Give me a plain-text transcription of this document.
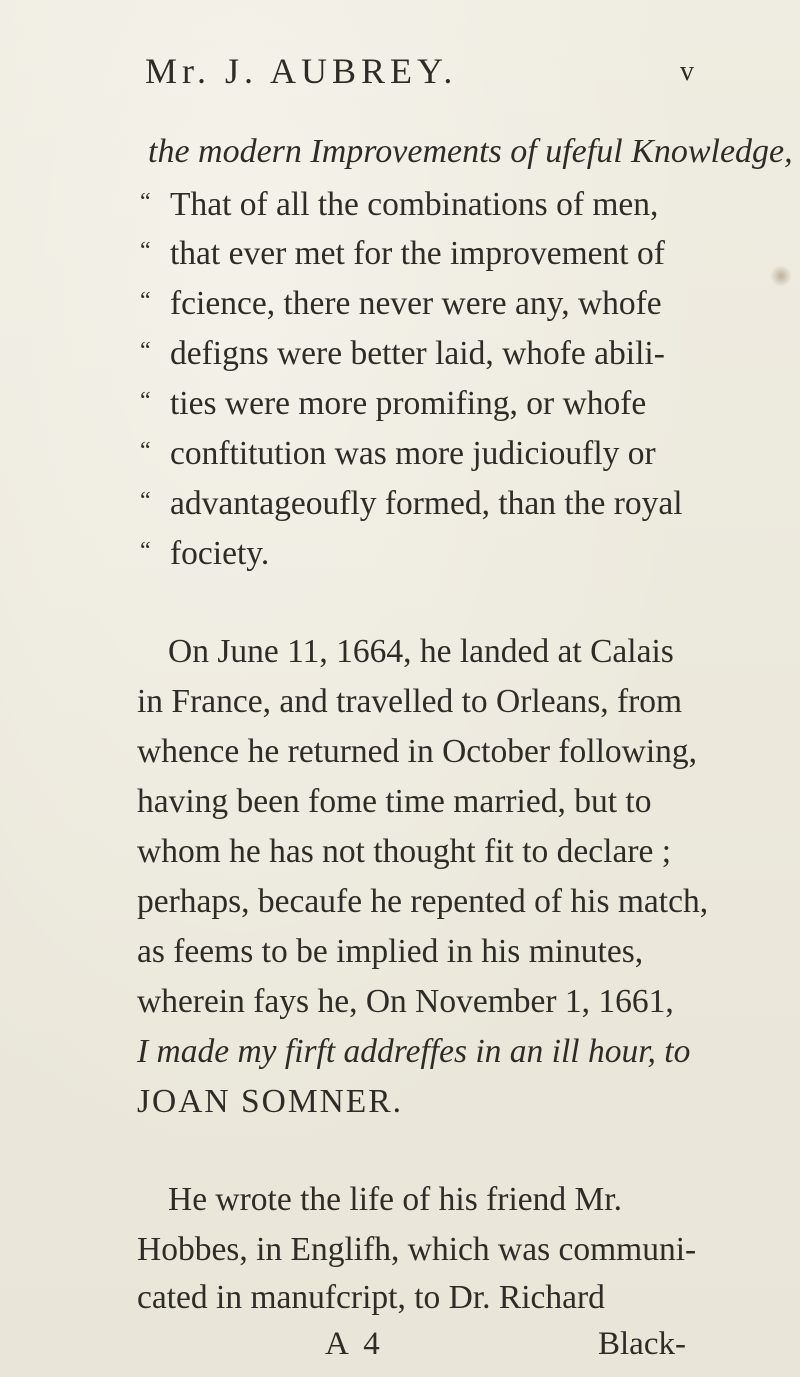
Mr. J. AUBREY.	v
the modern Improvements of ufeful Knowledge,
“ That of all the combinations of men,
“ that ever met for the improvement of
“ fcience, there never were any, whofe
“ defigns were better laid, whofe abili-
“ ties were more promifing, or whofe
“ conftitution was more judicioufly or
“ advantageoufly formed, than the royal
“ fociety.
On June 11, 1664, he landed at Calais
in France, and travelled to Orleans, from
whence he returned in October following,
having been fome time married, but to
whom he has not thought fit to declare ;
perhaps, becaufe he repented of his match,
as feems to be implied in his minutes,
wherein fays he, On November 1, 1661,
I made my firft addreffes in an ill hour, to
JOAN SOMNER.
He wrote the life of his friend Mr.
Hobbes, in Englifh, which was communi-
cated in manufcript, to Dr. Richard
A 4	Black-
